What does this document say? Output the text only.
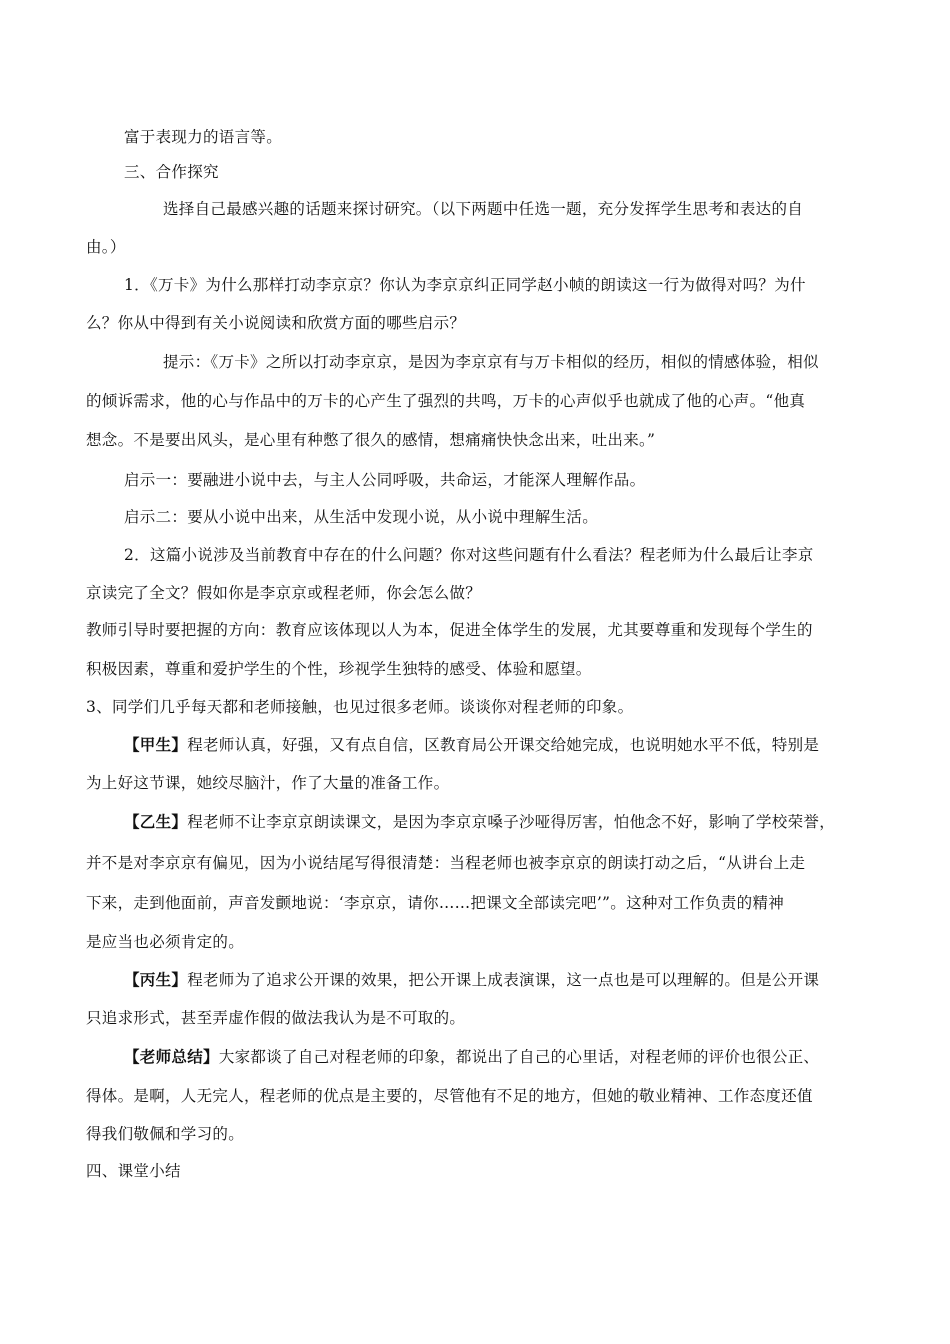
富于表现力的语言等。
三、合作探究
选择自己最感兴趣的话题来探讨研究。（以下两题中任选一题，充分发挥学生思考和表达的自
由。）
1．《万卡》为什么那样打动李京京？你认为李京京纠正同学赵小帧的朗读这一行为做得对吗？为什
么？你从中得到有关小说阅读和欣赏方面的哪些启示？
提示：《万卡》之所以打动李京京，是因为李京京有与万卡相似的经历，相似的情感体验，相似
的倾诉需求，他的心与作品中的万卡的心产生了强烈的共鸣，万卡的心声似乎也就成了他的心声。“他真
想念。不是要出风头，是心里有种憋了很久的感情，想痛痛快快念出来，吐出来。”
启示一：要融进小说中去，与主人公同呼吸，共命运，才能深人理解作品。
启示二：要从小说中出来，从生活中发现小说，从小说中理解生活。
2．这篇小说涉及当前教育中存在的什么问题？你对这些问题有什么看法？程老师为什么最后让李京
京读完了全文？假如你是李京京或程老师，你会怎么做？
教师引导时要把握的方向：教育应该体现以人为本，促进全体学生的发展，尤其要尊重和发现每个学生的
积极因素，尊重和爱护学生的个性，珍视学生独特的感受、体验和愿望。
3、同学们几乎每天都和老师接触，也见过很多老师。谈谈你对程老师的印象。
【甲生】程老师认真，好强，又有点自信，区教育局公开课交给她完成，也说明她水平不低，特别是
为上好这节课，她绞尽脑汁，作了大量的准备工作。
【乙生】程老师不让李京京朗读课文，是因为李京京嗓子沙哑得厉害，怕他念不好，影响了学校荣誉，
并不是对李京京有偏见，因为小说结尾写得很清楚：当程老师也被李京京的朗读打动之后，“从讲台上走
下来，走到他面前，声音发颤地说：‘李京京，请你……把课文全部读完吧’”。这种对工作负责的精神
是应当也必须肯定的。
【丙生】程老师为了追求公开课的效果，把公开课上成表演课，这一点也是可以理解的。但是公开课
只追求形式，甚至弄虚作假的做法我认为是不可取的。
【老师总结】大家都谈了自己对程老师的印象，都说出了自己的心里话，对程老师的评价也很公正、
得体。是啊，人无完人，程老师的优点是主要的，尽管他有不足的地方，但她的敬业精神、工作态度还值
得我们敬佩和学习的。
四、课堂小结
